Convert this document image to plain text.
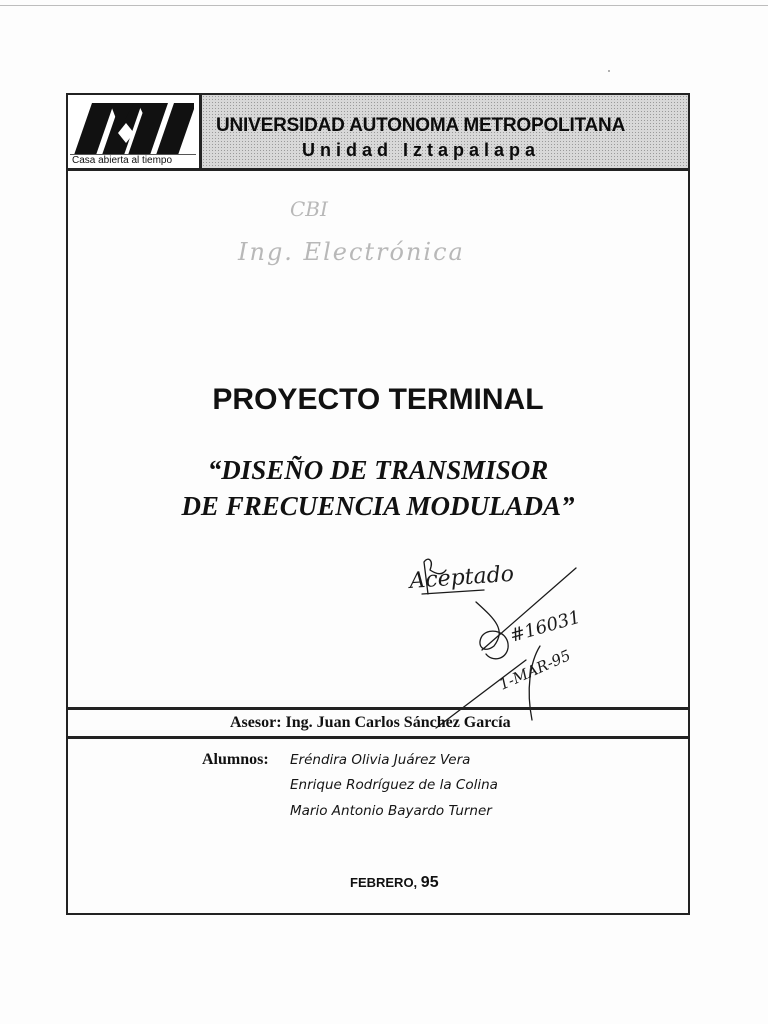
Casa abierta al tiempo
UNIVERSIDAD AUTONOMA METROPOLITANA
Unidad Iztapalapa
CBI
Ing. Electrónica
PROYECTO TERMINAL
“DISEÑO DE TRANSMISOR
DE FRECUENCIA MODULADA”
Aceptado
#16031
1-MAR-95
Asesor: Ing. Juan Carlos Sánchez García
Alumnos: Eréndira Olivia Juárez Vera
Enrique Rodríguez de la Colina
Mario Antonio Bayardo Turner
FEBRERO, 95
